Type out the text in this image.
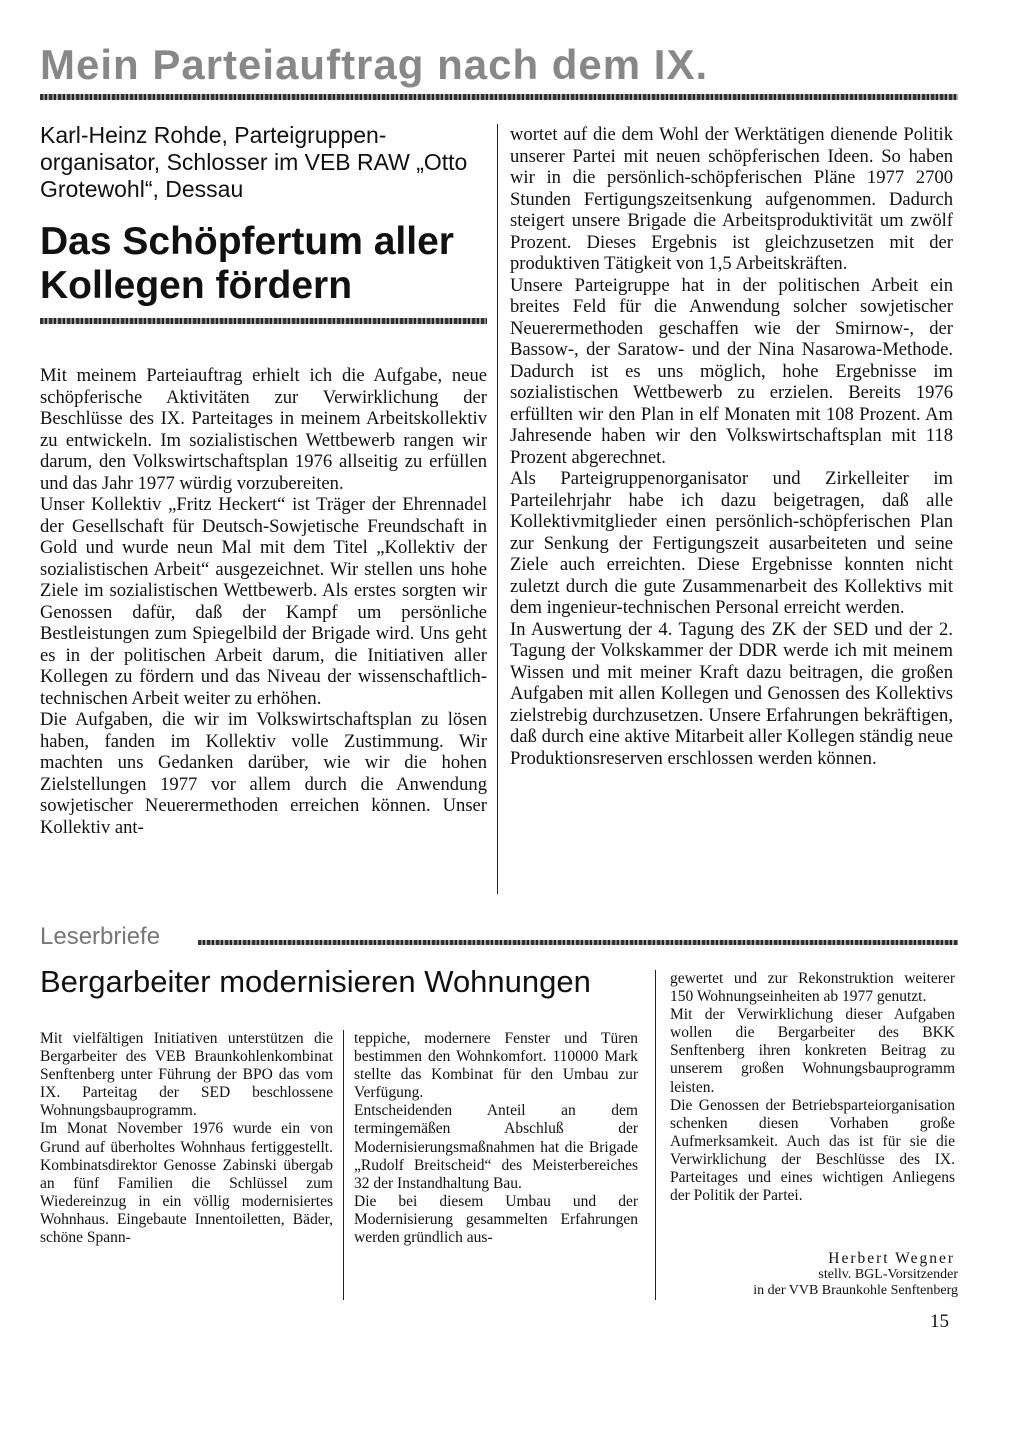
Mein Parteiauftrag nach dem IX.
Karl-Heinz Rohde, Parteigruppen-organisator, Schlosser im VEB RAW „Otto Grotewohl“, Dessau
Das Schöpfertum aller Kollegen fördern

Mit meinem Parteiauftrag erhielt ich die Aufgabe, neue schöpferische Aktivitäten zur Verwirklichung der Beschlüsse des IX. Parteitages in meinem Arbeitskollektiv zu entwickeln. Im sozialistischen Wettbewerb rangen wir darum, den Volkswirtschaftsplan 1976 allseitig zu erfüllen und das Jahr 1977 würdig vorzubereiten.

Unser Kollektiv „Fritz Heckert“ ist Träger der Ehrennadel der Gesellschaft für Deutsch-Sowjetische Freundschaft in Gold und wurde neun Mal mit dem Titel „Kollektiv der sozialistischen Arbeit“ ausgezeichnet. Wir stellen uns hohe Ziele im sozialistischen Wettbewerb. Als erstes sorgten wir Genossen dafür, daß der Kampf um persönliche Bestleistungen zum Spiegelbild der Brigade wird. Uns geht es in der politischen Arbeit darum, die Initiativen aller Kollegen zu fördern und das Niveau der wissenschaftlich-technischen Arbeit weiter zu erhöhen.

Die Aufgaben, die wir im Volkswirtschaftsplan zu lösen haben, fanden im Kollektiv volle Zustimmung. Wir machten uns Gedanken darüber, wie wir die hohen Zielstellungen 1977 vor allem durch die Anwendung sowjetischer Neuerermethoden erreichen können. Unser Kollektiv ant-

wortet auf die dem Wohl der Werktätigen dienende Politik unserer Partei mit neuen schöpferischen Ideen. So haben wir in die persönlich-schöpferischen Pläne 1977 2700 Stunden Fertigungszeitsenkung aufgenommen. Dadurch steigert unsere Brigade die Arbeitsproduktivität um zwölf Prozent. Dieses Ergebnis ist gleichzusetzen mit der produktiven Tätigkeit von 1,5 Arbeitskräften.

Unsere Parteigruppe hat in der politischen Arbeit ein breites Feld für die Anwendung solcher sowjetischer Neuerermethoden geschaffen wie der Smirnow-, der Bassow-, der Saratow- und der Nina Nasarowa-Methode. Dadurch ist es uns möglich, hohe Ergebnisse im sozialistischen Wettbewerb zu erzielen. Bereits 1976 erfüllten wir den Plan in elf Monaten mit 108 Prozent. Am Jahresende haben wir den Volkswirtschaftsplan mit 118 Prozent abgerechnet.

Als Parteigruppenorganisator und Zirkelleiter im Parteilehrjahr habe ich dazu beigetragen, daß alle Kollektivmitglieder einen persönlich-schöpferischen Plan zur Senkung der Fertigungszeit ausarbeiteten und seine Ziele auch erreichten. Diese Ergebnisse konnten nicht zuletzt durch die gute Zusammenarbeit des Kollektivs mit dem ingenieur-technischen Personal erreicht werden.

In Auswertung der 4. Tagung des ZK der SED und der 2. Tagung der Volkskammer der DDR werde ich mit meinem Wissen und mit meiner Kraft dazu beitragen, die großen Aufgaben mit allen Kollegen und Genossen des Kollektivs zielstrebig durchzusetzen. Unsere Erfahrungen bekräftigen, daß durch eine aktive Mitarbeit aller Kollegen ständig neue Produktionsreserven erschlossen werden können.

Leserbriefe
Bergarbeiter modernisieren Wohnungen

Mit vielfältigen Initiativen unterstützen die Bergarbeiter des VEB Braunkohlenkombinat Senftenberg unter Führung der BPO das vom IX. Parteitag der SED beschlossene Wohnungsbauprogramm.

Im Monat November 1976 wurde ein von Grund auf überholtes Wohnhaus fertiggestellt. Kombinatsdirektor Genosse Zabinski übergab an fünf Familien die Schlüssel zum Wiedereinzug in ein völlig modernisiertes Wohnhaus. Eingebaute Innentoiletten, Bäder, schöne Spann-

teppiche, modernere Fenster und Türen bestimmen den Wohnkomfort. 110000 Mark stellte das Kombinat für den Umbau zur Verfügung.

Entscheidenden Anteil an dem termingemäßen Abschluß der Modernisierungsmaßnahmen hat die Brigade „Rudolf Breitscheid“ des Meisterbereiches 32 der Instandhaltung Bau.

Die bei diesem Umbau und der Modernisierung gesammelten Erfahrungen werden gründlich aus-

gewertet und zur Rekonstruktion weiterer 150 Wohnungseinheiten ab 1977 genutzt.

Mit der Verwirklichung dieser Aufgaben wollen die Bergarbeiter des BKK Senftenberg ihren konkreten Beitrag zu unserem großen Wohnungsbauprogramm leisten.

Die Genossen der Betriebsparteiorganisation schenken diesen Vorhaben große Aufmerksamkeit. Auch das ist für sie die Verwirklichung der Beschlüsse des IX. Parteitages und eines wichtigen Anliegens der Politik der Partei.

Herbert Wegner
stellv. BGL-Vorsitzender
in der VVB Braunkohle Senftenberg
15
